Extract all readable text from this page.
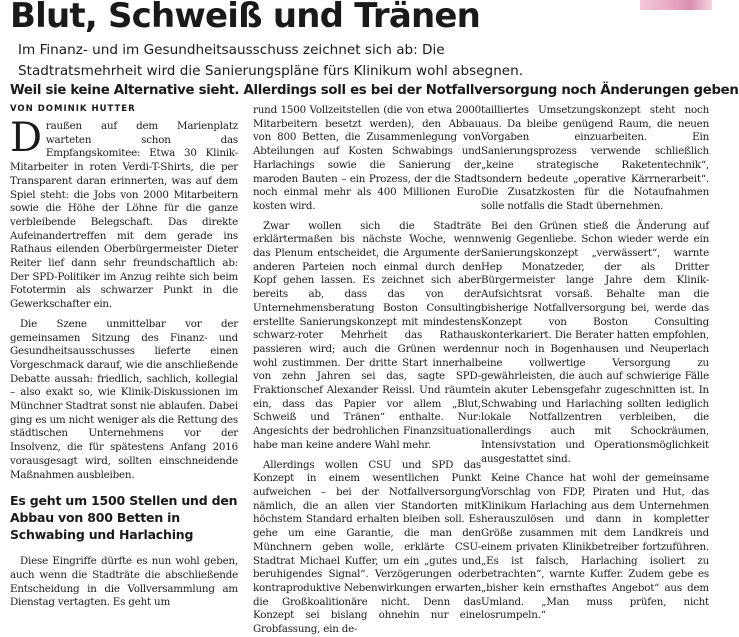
Blut, Schweiß und Tränen
Im Finanz- und im Gesundheitsausschuss zeichnet sich ab: Die
Stadtratsmehrheit wird die Sanierungspläne fürs Klinikum wohl absegnen.
Weil sie keine Alternative sieht. Allerdings soll es bei der Notfallversorgung noch Änderungen geben
VON DOMINIK HUTTER

Draußen auf dem Marienplatz warteten schon das Empfangskomitee: Etwa 30 Klinik-Mitarbeiter in roten Verdi-T-Shirts, die per Transparent daran erinnerten, was auf dem Spiel steht: die Jobs von 2000 Mitarbeitern sowie die Höhe der Löhne für die ganze verbleibende Belegschaft. Das direkte Aufeinandertreffen mit dem gerade ins Rathaus eilenden Oberbürgermeister Dieter Reiter lief dann sehr freundschaftlich ab: Der SPD-Politiker im Anzug reihte sich beim Fototermin als schwarzer Punkt in die Gewerkschafter ein.

Die Szene unmittelbar vor der gemeinsamen Sitzung des Finanz- und Gesundheitsausschusses lieferte einen Vorgeschmack darauf, wie die anschließende Debatte aussah: friedlich, sachlich, kollegial – also exakt so, wie Klinik-Diskussionen im Münchner Stadtrat sonst nie ablaufen. Dabei ging es um nicht weniger als die Rettung des städtischen Unternehmens vor der Insolvenz, die für spätestens Anfang 2016 vorausgesagt wird, sollten einschneidende Maßnahmen ausbleiben.

Es geht um 1500 Stellen und den Abbau von 800 Betten in Schwabing und Harlaching

Diese Eingriffe dürfte es nun wohl geben, auch wenn die Stadträte die abschließende Entscheidung in die Vollversammlung am Dienstag vertagten. Es geht um

rund 1500 Vollzeitstellen (die von etwa 2000 Mitarbeitern besetzt werden), den Abbau von 800 Betten, die Zusammenlegung von Abteilungen auf Kosten Schwabings und Harlachings sowie die Sanierung der maroden Bauten – ein Prozess, der die Stadt noch einmal mehr als 400 Millionen Euro kosten wird.

Zwar wollen sich die Stadträte erklärtermaßen bis nächste Woche, wenn das Plenum entscheidet, die Argumente der anderen Parteien noch einmal durch den Kopf gehen lassen. Es zeichnet sich aber bereits ab, dass das von der Unternehmensberatung Boston Consulting erstellte Sanierungskonzept mit mindestens schwarz-roter Mehrheit das Rathaus passieren wird; auch die Grünen werden wohl zustimmen. Der dritte Start innerhalb von zehn Jahren sei das, sagte SPD-Fraktionschef Alexander Reissl. Und räumte ein, dass das Papier vor allem „Blut, Schweiß und Tränen“ enthalte. Nur: Angesichts der bedrohlichen Finanzsituation habe man keine andere Wahl mehr.

Allerdings wollen CSU und SPD das Konzept in einem wesentlichen Punkt aufweichen – bei der Notfallversorgung nämlich, die an allen vier Standorten mit höchstem Standard erhalten bleiben soll. Es gehe um eine Garantie, die man den Münchnern geben wolle, erklärte CSU-Stadtrat Michael Kuffer, um ein „gutes und beruhigendes Signal“. Verzögerungen oder kontraproduktive Nebenwirkungen erwarten die Großkoalitionäre nicht. Denn das Konzept sei bislang ohnehin nur eine Grobfassung, ein de-

tailliertes Umsetzungskonzept steht noch aus. Da bleibe genügend Raum, die neuen Vorgaben einzuarbeiten. Ein Sanierungsprozess verwende schließlich „keine strategische Raketentechnik“, sondern bedeute „operative Kärrnerarbeit“. Die Zusatzkosten für die Notaufnahmen solle notfalls die Stadt übernehmen.

Bei den Grünen stieß die Änderung auf wenig Gegenliebe. Schon wieder werde ein Sanierungskonzept „verwässert“, warnte Hep Monatzeder, der als Dritter Bürgermeister lange Jahre dem Klinik-Aufsichtsrat vorsaß. Behalte man die bisherige Notfallversorgung bei, werde das Konzept von Boston Consulting konterkariert. Die Berater hatten empfohlen, nur noch in Bogenhausen und Neuperlach eine vollwertige Versorgung zu gewährleisten, die auch auf schwierige Fälle in akuter Lebensgefahr zugeschnitten ist. In Schwabing und Harlaching sollten lediglich lokale Notfallzentren verbleiben, die allerdings auch mit Schockräumen, Intensivstation und Operationsmöglichkeit ausgestattet sind.

Keine Chance hat wohl der gemeinsame Vorschlag von FDP, Piraten und Hut, das Klinikum Harlaching aus dem Unternehmen herauszulösen und dann in kompletter Größe zusammen mit dem Landkreis und einem privaten Klinikbetreiber fortzuführen. „Es ist falsch, Harlaching isoliert zu betrachten“, warnte Kuffer. Zudem gebe es „bisher kein ernsthaftes Angebot“ aus dem Umland. „Man muss prüfen, nicht losrumpeln.“
